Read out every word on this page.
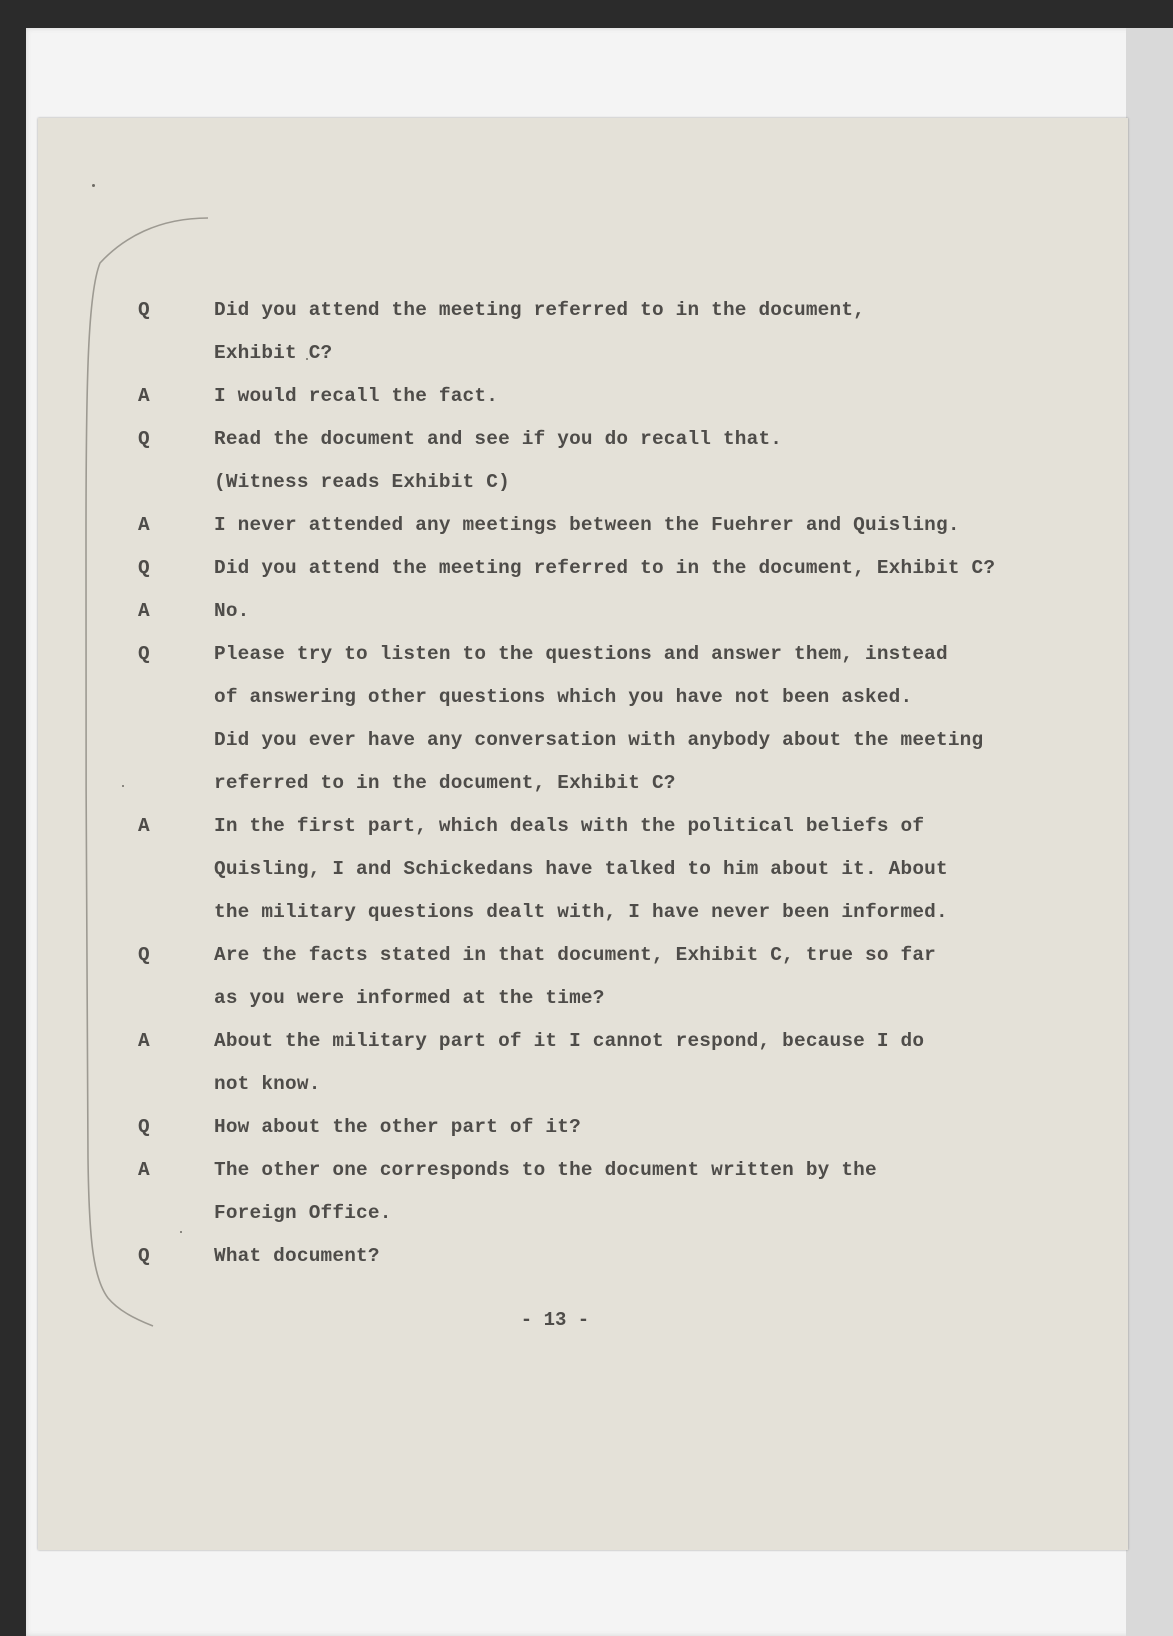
Q	Did you attend the meeting referred to in the document,
Exhibit C?
A	I would recall the fact.
Q	Read the document and see if you do recall that.
(Witness reads Exhibit C)
A	I never attended any meetings between the Fuehrer and Quisling.
Q	Did you attend the meeting referred to in the document, Exhibit C?
A	No.
Q	Please try to listen to the questions and answer them, instead
of answering other questions which you have not been asked.
Did you ever have any conversation with anybody about the meeting
referred to in the document, Exhibit C?
A	In the first part, which deals with the political beliefs of
Quisling, I and Schickedans have talked to him about it. About
the military questions dealt with, I have never been informed.
Q	Are the facts stated in that document, Exhibit C, true so far
as you were informed at the time?
A	About the military part of it I cannot respond, because I do
not know.
Q	How about the other part of it?
A	The other one corresponds to the document written by the
Foreign Office.
Q	What document?
- 13 -
